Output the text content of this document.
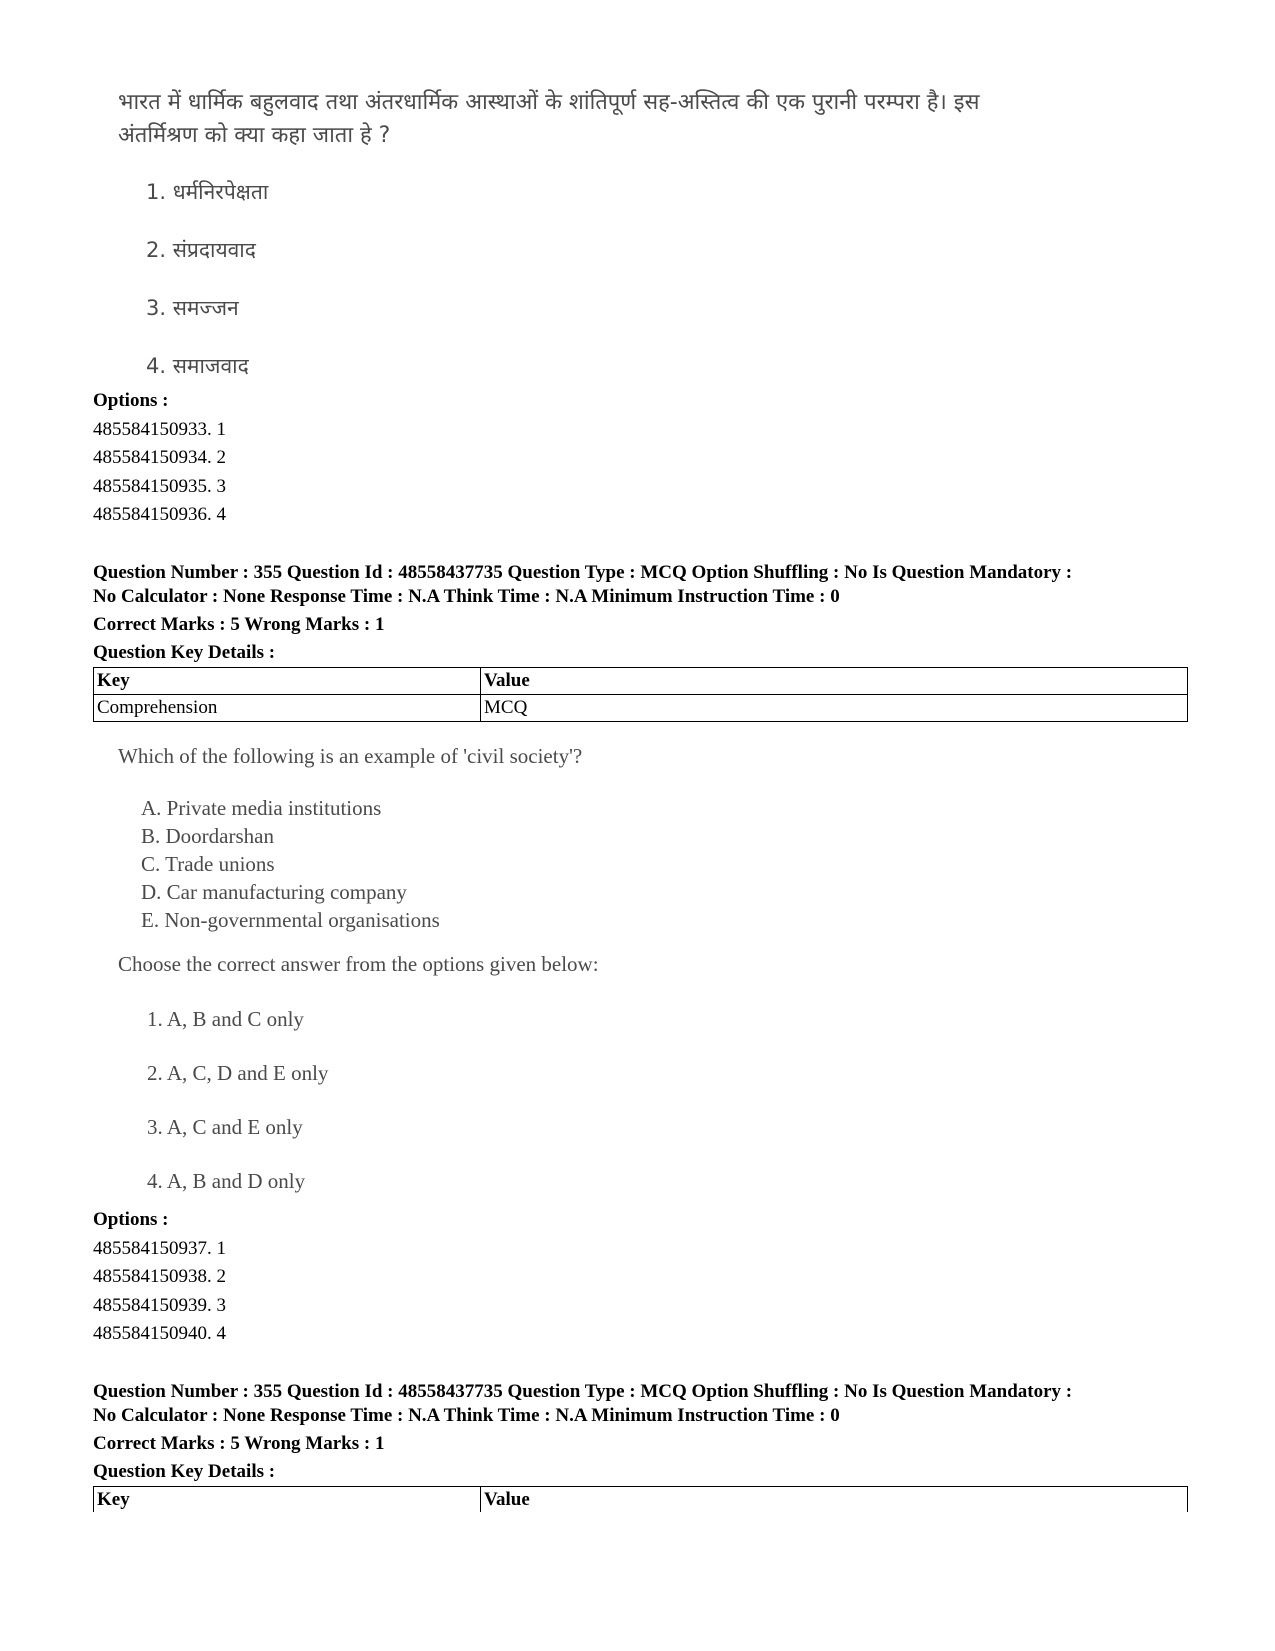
भारत में धार्मिक बहुलवाद तथा अंतरधार्मिक आस्थाओं के शांतिपूर्ण सह-अस्तित्व की एक पुरानी परम्परा है। इस
अंतर्मिश्रण को क्या कहा जाता हे ?
1. धर्मनिरपेक्षता
2. संप्रदायवाद
3. समज्जन
4. समाजवाद
Options :
485584150933. 1
485584150934. 2
485584150935. 3
485584150936. 4
Question Number : 355 Question Id : 48558437735 Question Type : MCQ Option Shuffling : No Is Question Mandatory :
No Calculator : None Response Time : N.A Think Time : N.A Minimum Instruction Time : 0
Correct Marks : 5 Wrong Marks : 1
Question Key Details :
Key	Value
Comprehension	MCQ
Which of the following is an example of 'civil society'?
A. Private media institutions
B. Doordarshan
C. Trade unions
D. Car manufacturing company
E. Non-governmental organisations
Choose the correct answer from the options given below:
1. A, B and C only
2. A, C, D and E only
3. A, C and E only
4. A, B and D only
Options :
485584150937. 1
485584150938. 2
485584150939. 3
485584150940. 4
Question Number : 355 Question Id : 48558437735 Question Type : MCQ Option Shuffling : No Is Question Mandatory :
No Calculator : None Response Time : N.A Think Time : N.A Minimum Instruction Time : 0
Correct Marks : 5 Wrong Marks : 1
Question Key Details :
Key	Value
